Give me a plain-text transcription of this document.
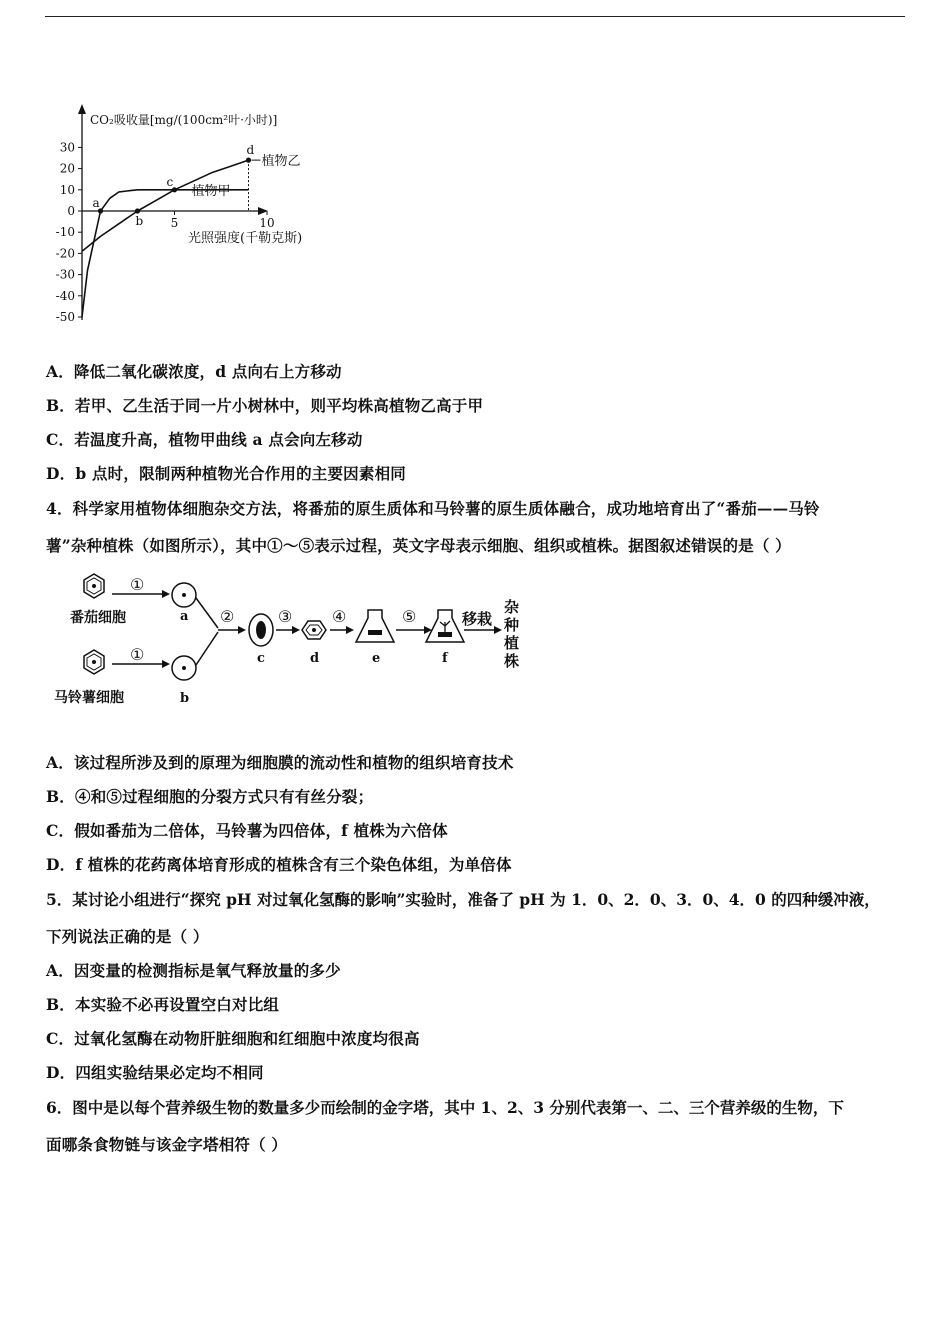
CO₂吸收量[mg/(100cm²叶·小时)]
光照强度(千勒克斯)
30
20
10
0
-10
-20
-30
-40
-50
5	10
a
b
c
d
植物甲
植物乙
番茄细胞
①
a
马铃薯细胞
①
b
②
c
③
d
④
e
⑤
f
移栽
杂种植株
A．降低二氧化碳浓度，d 点向右上方移动
B．若甲、乙生活于同一片小树林中，则平均株高植物乙高于甲
C．若温度升高，植物甲曲线 a 点会向左移动
D．b 点时，限制两种植物光合作用的主要因素相同
4．科学家用植物体细胞杂交方法，将番茄的原生质体和马铃薯的原生质体融合，成功地培育出了“番茄——马铃
薯”杂种植株（如图所示），其中①～⑤表示过程，英文字母表示细胞、组织或植株。据图叙述错误的是（ ）
A．该过程所涉及到的原理为细胞膜的流动性和植物的组织培育技术
B．④和⑤过程细胞的分裂方式只有有丝分裂；
C．假如番茄为二倍体，马铃薯为四倍体，f 植株为六倍体
D．f 植株的花药离体培育形成的植株含有三个染色体组，为单倍体
5．某讨论小组进行“探究 pH 对过氧化氢酶的影响”实验时，准备了 pH 为 1．0、2．0、3．0、4．0 的四种缓冲液，
下列说法正确的是（ ）
A．因变量的检测指标是氧气释放量的多少
B．本实验不必再设置空白对比组
C．过氧化氢酶在动物肝脏细胞和红细胞中浓度均很高
D．四组实验结果必定均不相同
6．图中是以每个营养级生物的数量多少而绘制的金字塔，其中 1、2、3 分别代表第一、二、三个营养级的生物，下
面哪条食物链与该金字塔相符（ ）
